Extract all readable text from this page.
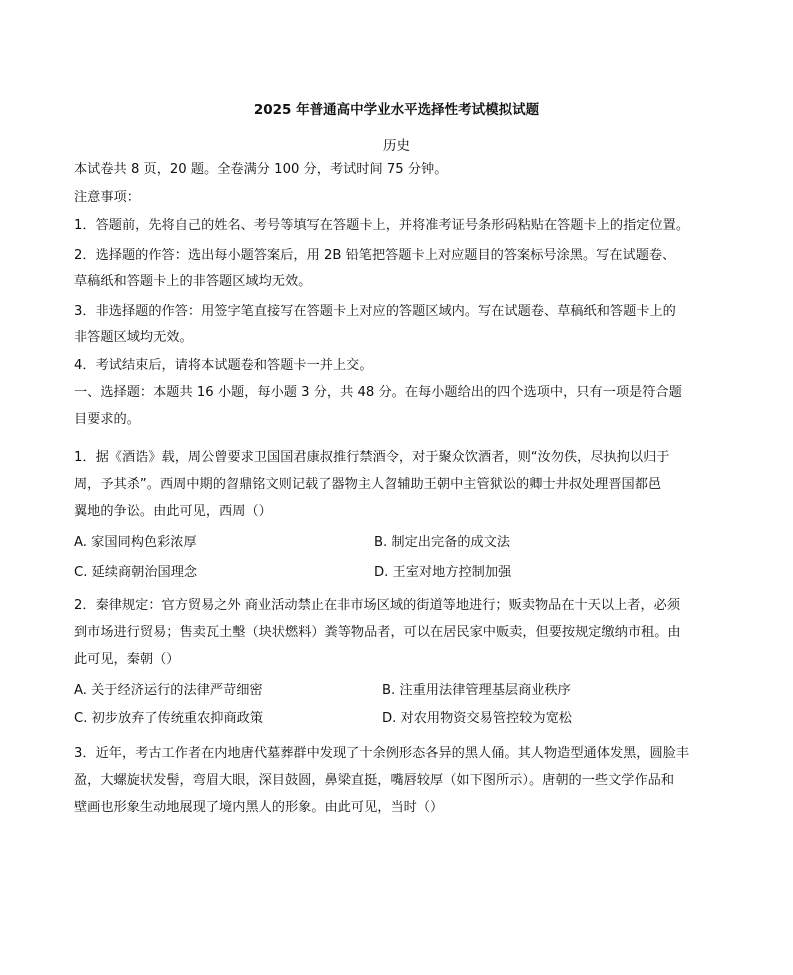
2025 年普通高中学业水平选择性考试模拟试题
历史
本试卷共 8 页，20 题。全卷满分 100 分，考试时间 75 分钟。
注意事项：
1．答题前，先将自己的姓名、考号等填写在答题卡上，并将准考证号条形码粘贴在答题卡上的指定位置。
2．选择题的作答：选出每小题答案后，用 2B 铅笔把答题卡上对应题目的答案标号涂黑。写在试题卷、
草稿纸和答题卡上的非答题区域均无效。
3．非选择题的作答：用签字笔直接写在答题卡上对应的答题区域内。写在试题卷、草稿纸和答题卡上的
非答题区域均无效。
4．考试结束后，请将本试题卷和答题卡一并上交。
一、选择题：本题共 16 小题，每小题 3 分，共 48 分。在每小题给出的四个选项中，只有一项是符合题
目要求的。
1．据《酒诰》载，周公曾要求卫国国君康叔推行禁酒令，对于聚众饮酒者，则“汝勿佚，尽执拘以归于
周，予其杀”。西周中期的曶鼎铭文则记载了器物主人曶辅助王朝中主管狱讼的卿士井叔处理晋国都邑
翼地的争讼。由此可见，西周（）
A. 家国同构色彩浓厚	B. 制定出完备的成文法
C. 延续商朝治国理念	D. 王室对地方控制加强
2．秦律规定：官方贸易之外 商业活动禁止在非市场区域的街道等地进行；贩卖物品在十天以上者，必须
到市场进行贸易；售卖瓦土墼（块状燃料）粪等物品者，可以在居民家中贩卖，但要按规定缴纳市租。由
此可见，秦朝（）
A. 关于经济运行的法律严苛细密	B. 注重用法律管理基层商业秩序
C. 初步放弃了传统重农抑商政策	D. 对农用物资交易管控较为宽松
3．近年，考古工作者在内地唐代墓葬群中发现了十余例形态各异的黑人俑。其人物造型通体发黑，圆脸丰
盈，大螺旋状发髻，弯眉大眼，深目鼓圆，鼻梁直挺，嘴唇较厚（如下图所示）。唐朝的一些文学作品和
壁画也形象生动地展现了境内黑人的形象。由此可见，当时（）
